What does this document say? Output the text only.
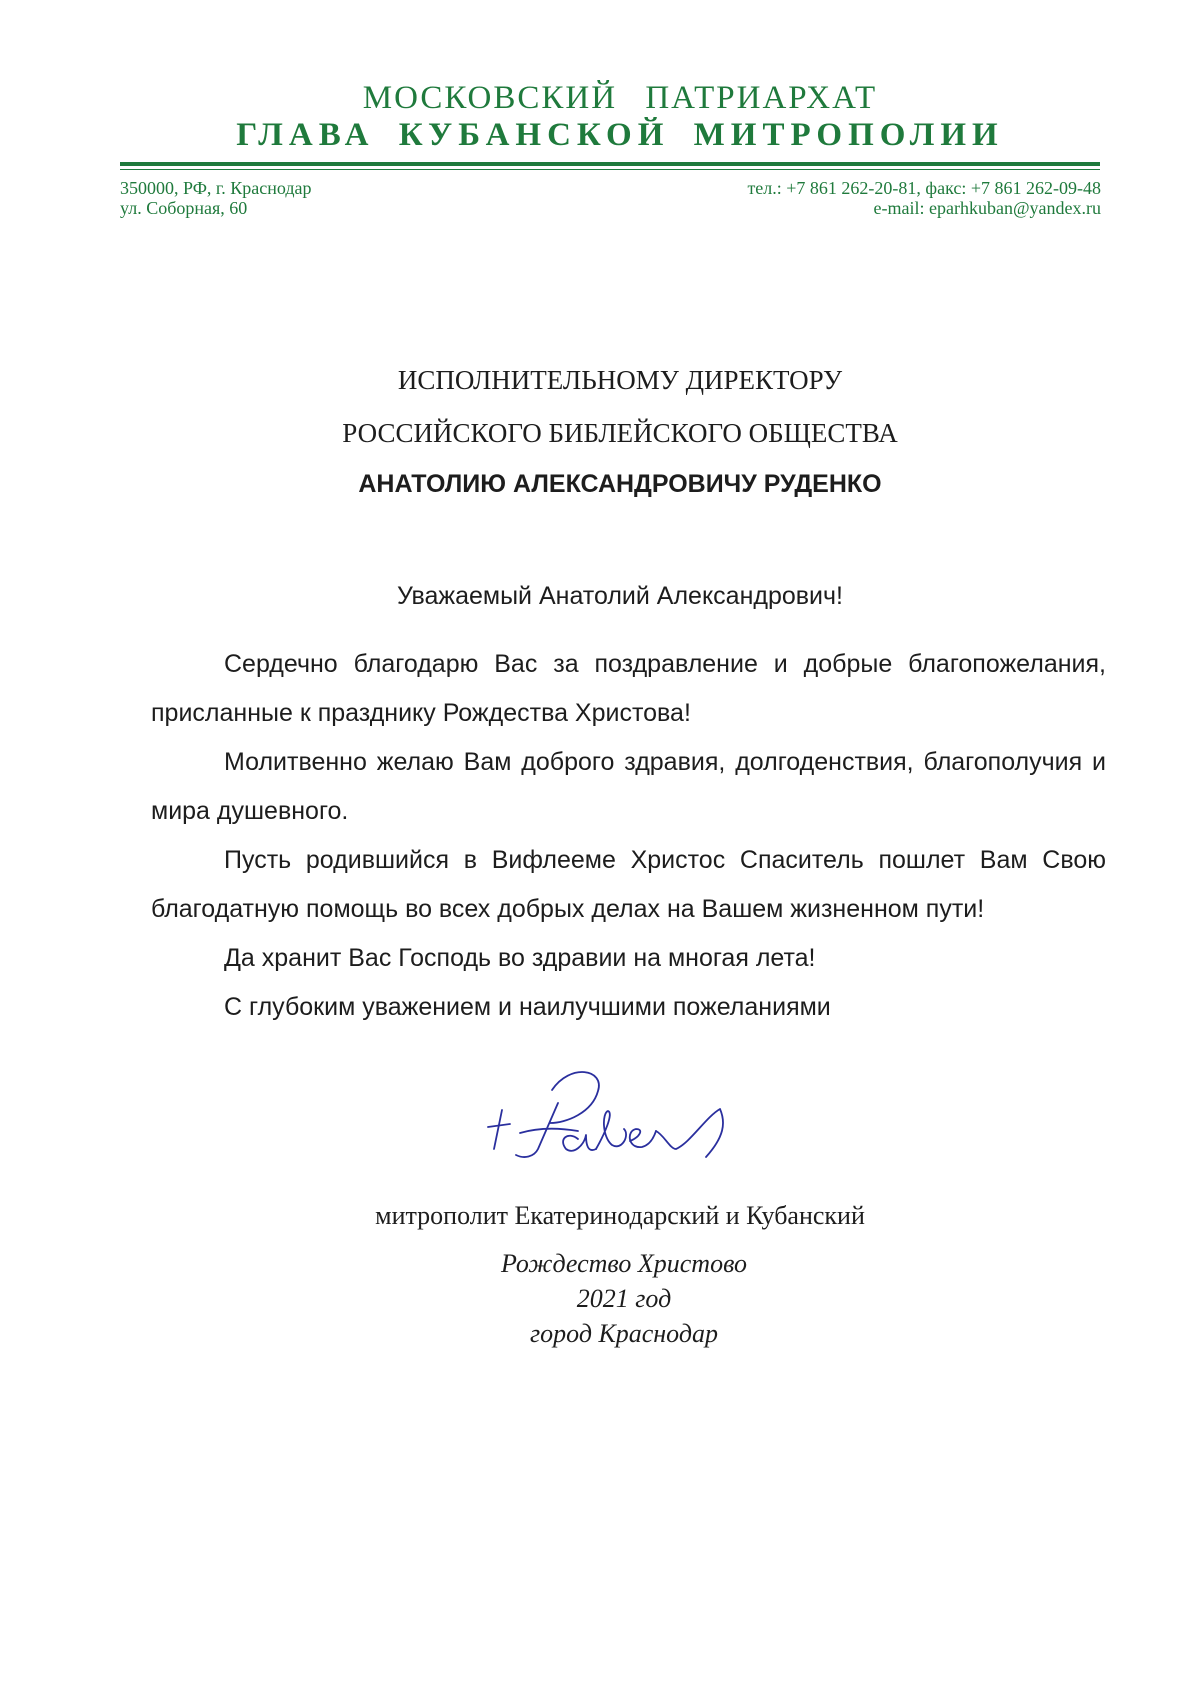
МОСКОВСКИЙ ПАТРИАРХАТ
ГЛАВА КУБАНСКОЙ МИТРОПОЛИИ
350000, РФ, г. Краснодар
ул. Соборная, 60
тел.: +7 861 262-20-81, факс: +7 861 262-09-48
e-mail: eparhkuban@yandex.ru
ИСПОЛНИТЕЛЬНОМУ ДИРЕКТОРУ
РОССИЙСКОГО БИБЛЕЙСКОГО ОБЩЕСТВА
АНАТОЛИЮ АЛЕКСАНДРОВИЧУ РУДЕНКО
Уважаемый Анатолий Александрович!

Сердечно благодарю Вас за поздравление и добрые благопожелания, присланные к празднику Рождества Христова!

Молитвенно желаю Вам доброго здравия, долгоденствия, благополучия и мира душевного.

Пусть родившийся в Вифлееме Христос Спаситель пошлет Вам Свою благодатную помощь во всех добрых делах на Вашем жизненном пути!

Да хранит Вас Господь во здравии на многая лета!

С глубоким уважением и наилучшими пожеланиями

митрополит Екатеринодарский и Кубанский
Рождество Христово
2021 год
город Краснодар
